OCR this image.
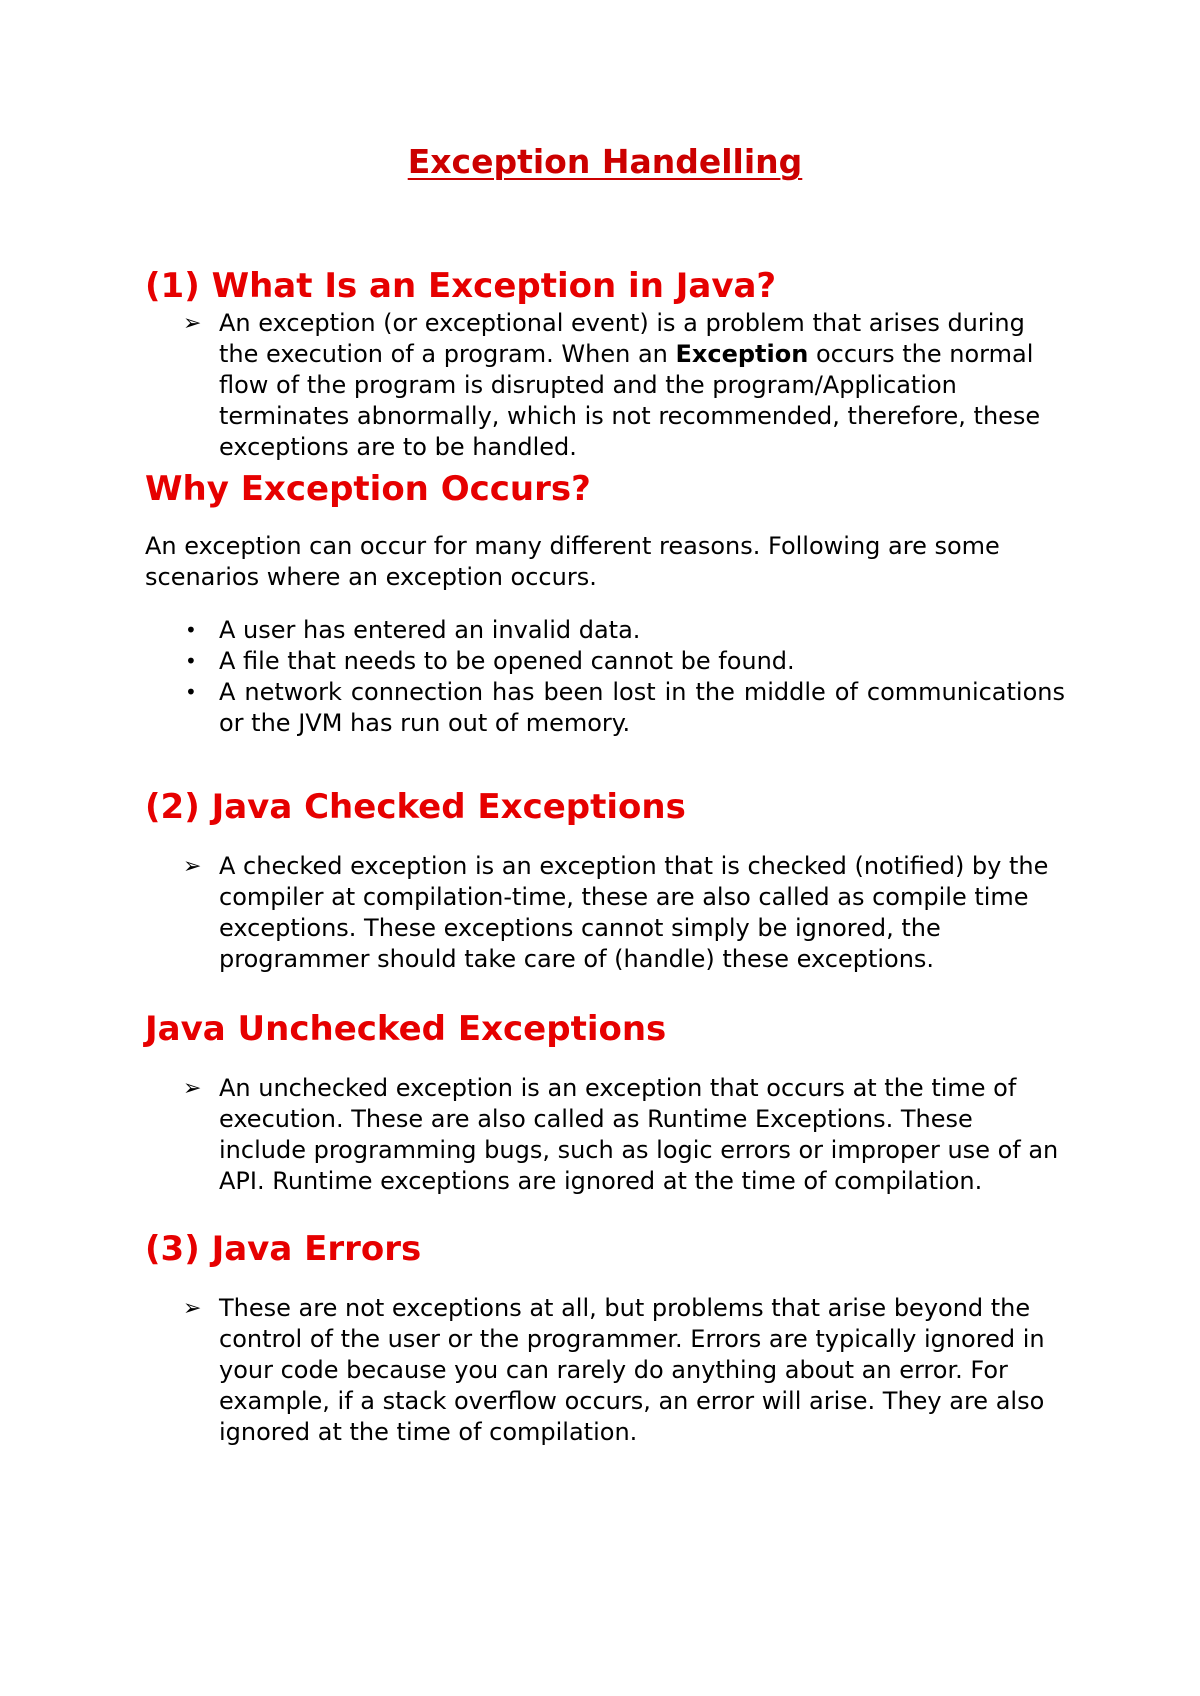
Exception Handelling
(1) What Is an Exception in Java?
➢ An exception (or exceptional event) is a problem that arises during the execution of a program. When an Exception occurs the normal flow of the program is disrupted and the program/Application terminates abnormally, which is not recommended, therefore, these exceptions are to be handled.
Why Exception Occurs?

An exception can occur for many different reasons. Following are some scenarios where an exception occurs.

• A user has entered an invalid data.
• A file that needs to be opened cannot be found.
• A network connection has been lost in the middle of communications or the JVM has run out of memory.
(2) Java Checked Exceptions
➢ A checked exception is an exception that is checked (notified) by the compiler at compilation-time, these are also called as compile time exceptions. These exceptions cannot simply be ignored, the programmer should take care of (handle) these exceptions.
Java Unchecked Exceptions
➢ An unchecked exception is an exception that occurs at the time of execution. These are also called as Runtime Exceptions. These include programming bugs, such as logic errors or improper use of an API. Runtime exceptions are ignored at the time of compilation.
(3) Java Errors
➢ These are not exceptions at all, but problems that arise beyond the control of the user or the programmer. Errors are typically ignored in your code because you can rarely do anything about an error. For example, if a stack overflow occurs, an error will arise. They are also ignored at the time of compilation.
